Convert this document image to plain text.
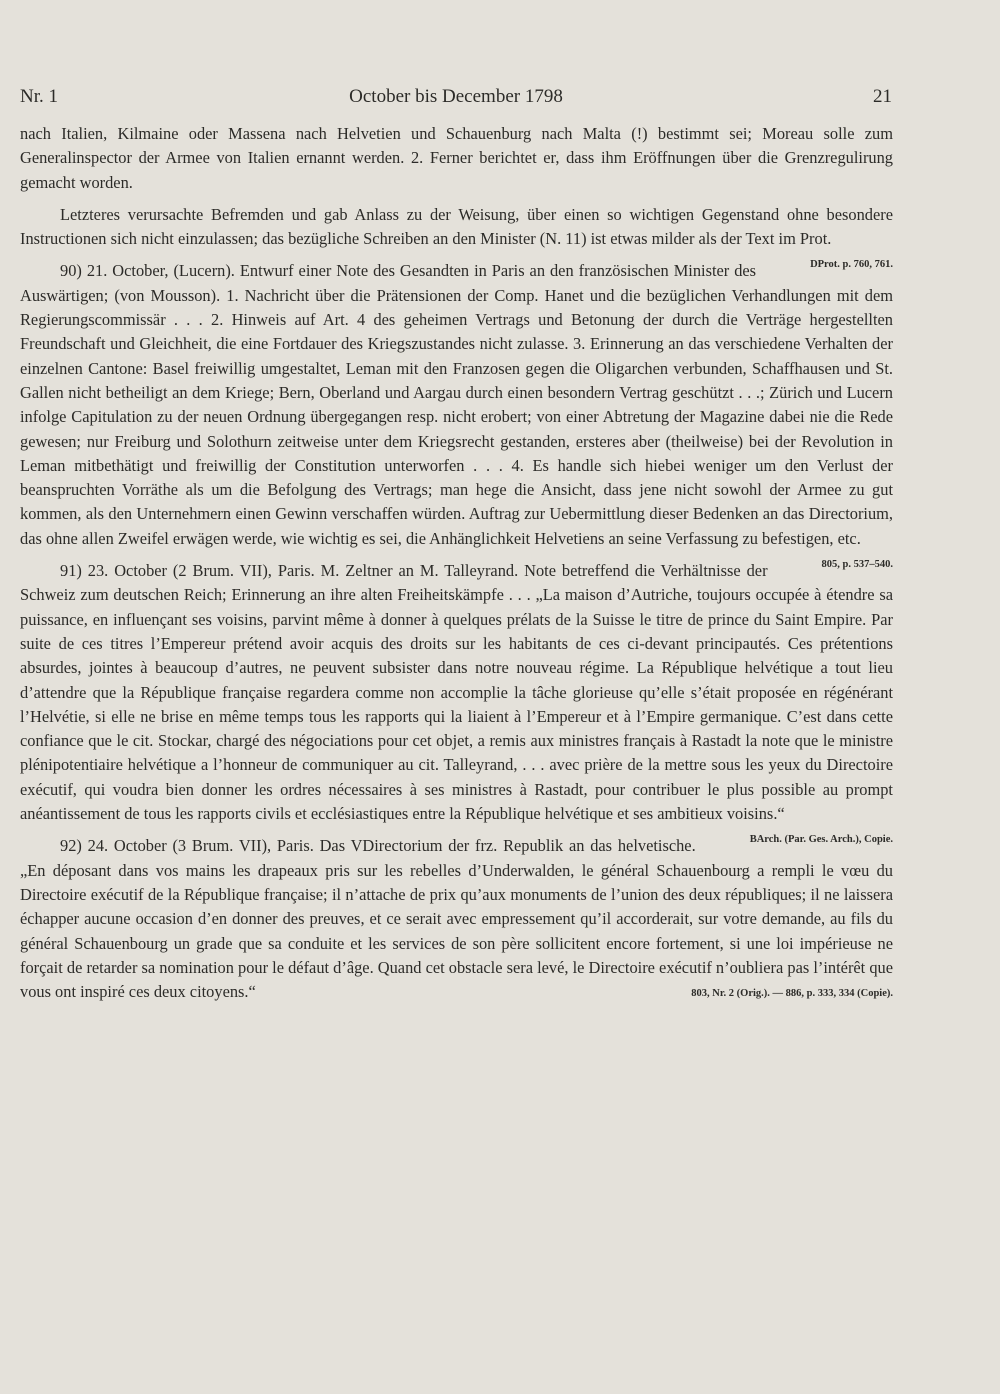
Nr. 1	October bis December 1798	21

nach Italien, Kilmaine oder Massena nach Helvetien und Schauenburg nach Malta (!) bestimmt sei; Moreau solle zum Generalinspector der Armee von Italien ernannt werden. 2. Ferner berichtet er, dass ihm Eröffnungen über die Grenzregulirung gemacht worden.

Letzteres verursachte Befremden und gab Anlass zu der Weisung, über einen so wichtigen Gegenstand ohne besondere Instructionen sich nicht einzulassen; das bezügliche Schreiben an den Minister (N. 11) ist etwas milder als der Text im Prot.
DProt. p. 760, 761.

90) 21. October, (Lucern). Entwurf einer Note des Gesandten in Paris an den französischen Minister des Auswärtigen; (von Mousson). 1. Nachricht über die Prätensionen der Comp. Hanet und die bezüglichen Verhandlungen mit dem Regierungscommissär . . . 2. Hinweis auf Art. 4 des geheimen Vertrags und Betonung der durch die Verträge hergestellten Freundschaft und Gleichheit, die eine Fortdauer des Kriegszustandes nicht zulasse. 3. Erinnerung an das verschiedene Verhalten der einzelnen Cantone: Basel freiwillig umgestaltet, Leman mit den Franzosen gegen die Oligarchen verbunden, Schaffhausen und St. Gallen nicht betheiligt an dem Kriege; Bern, Oberland und Aargau durch einen besondern Vertrag geschützt . . .; Zürich und Lucern infolge Capitulation zu der neuen Ordnung übergegangen resp. nicht erobert; von einer Abtretung der Magazine dabei nie die Rede gewesen; nur Freiburg und Solothurn zeitweise unter dem Kriegsrecht gestanden, ersteres aber (theilweise) bei der Revolution in Leman mitbethätigt und freiwillig der Constitution unterworfen . . . 4. Es handle sich hiebei weniger um den Verlust der beanspruchten Vorräthe als um die Befolgung des Vertrags; man hege die Ansicht, dass jene nicht sowohl der Armee zu gut kommen, als den Unternehmern einen Gewinn verschaffen würden. Auftrag zur Uebermittlung dieser Bedenken an das Directorium, das ohne allen Zweifel erwägen werde, wie wichtig es sei, die Anhänglichkeit Helvetiens an seine Verfassung zu befestigen, etc.
805, p. 537–540.

91) 23. October (2 Brum. VII), Paris. M. Zeltner an M. Talleyrand. Note betreffend die Verhältnisse der Schweiz zum deutschen Reich; Erinnerung an ihre alten Freiheitskämpfe . . . „La maison d’Autriche, toujours occupée à étendre sa puissance, en influençant ses voisins, parvint même à donner à quelques prélats de la Suisse le titre de prince du Saint Empire. Par suite de ces titres l’Empereur prétend avoir acquis des droits sur les habitants de ces ci-devant principautés. Ces prétentions absurdes, jointes à beaucoup d’autres, ne peuvent subsister dans notre nouveau régime. La République helvétique a tout lieu d’attendre que la République française regardera comme non accomplie la tâche glorieuse qu’elle s’était proposée en régénérant l’Helvétie, si elle ne brise en même temps tous les rapports qui la liaient à l’Empereur et à l’Empire germanique. C’est dans cette confiance que le cit. Stockar, chargé des négociations pour cet objet, a remis aux ministres français à Rastadt la note que le ministre plénipotentiaire helvétique a l’honneur de communiquer au cit. Talleyrand, . . . avec prière de la mettre sous les yeux du Directoire exécutif, qui voudra bien donner les ordres nécessaires à ses ministres à Rastadt, pour contribuer le plus possible au prompt anéantissement de tous les rapports civils et ecclésiastiques entre la République helvétique et ses ambitieux voisins.“
BArch. (Par. Ges. Arch.), Copie.

92) 24. October (3 Brum. VII), Paris. Das VDirectorium der frz. Republik an das helvetische. „En déposant dans vos mains les drapeaux pris sur les rebelles d’Underwalden, le général Schauenbourg a rempli le vœu du Directoire exécutif de la République française; il n’attache de prix qu’aux monuments de l’union des deux républiques; il ne laissera échapper aucune occasion d’en donner des preuves, et ce serait avec empressement qu’il accorderait, sur votre demande, au fils du général Schauenbourg un grade que sa conduite et les services de son père sollicitent encore fortement, si une loi impérieuse ne forçait de retarder sa nomination pour le défaut d’âge. Quand cet obstacle sera levé, le Directoire exécutif n’oubliera pas l’intérêt que vous ont inspiré ces deux citoyens.“	803, Nr. 2 (Orig.). — 886, p. 333, 334 (Copie).
